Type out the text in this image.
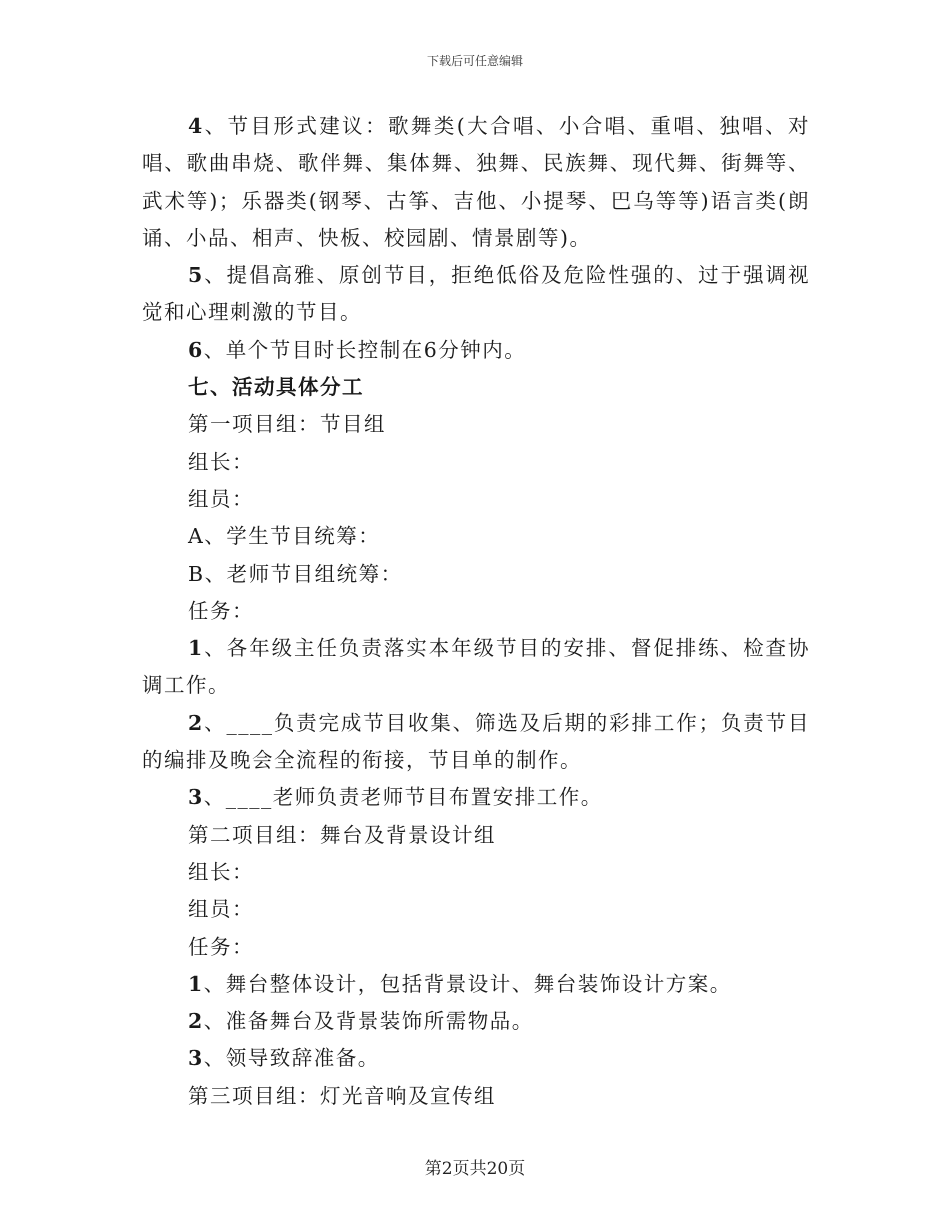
下载后可任意编辑

4、节目形式建议：歌舞类(大合唱、小合唱、重唱、独唱、对唱、歌曲串烧、歌伴舞、集体舞、独舞、民族舞、现代舞、街舞等、武术等)；乐器类(钢琴、古筝、吉他、小提琴、巴乌等等)语言类(朗诵、小品、相声、快板、校园剧、情景剧等)。

5、提倡高雅、原创节目，拒绝低俗及危险性强的、过于强调视觉和心理刺激的节目。

6、单个节目时长控制在6分钟内。

七、活动具体分工

第一项目组：节目组

组长：

组员：

A、学生节目统筹：

B、老师节目组统筹：

任务：

1、各年级主任负责落实本年级节目的安排、督促排练、检查协调工作。

2、____负责完成节目收集、筛选及后期的彩排工作；负责节目的编排及晚会全流程的衔接，节目单的制作。

3、____老师负责老师节目布置安排工作。

第二项目组：舞台及背景设计组

组长：

组员：

任务：

1、舞台整体设计，包括背景设计、舞台装饰设计方案。

2、准备舞台及背景装饰所需物品。

3、领导致辞准备。

第三项目组：灯光音响及宣传组

第2页共20页
